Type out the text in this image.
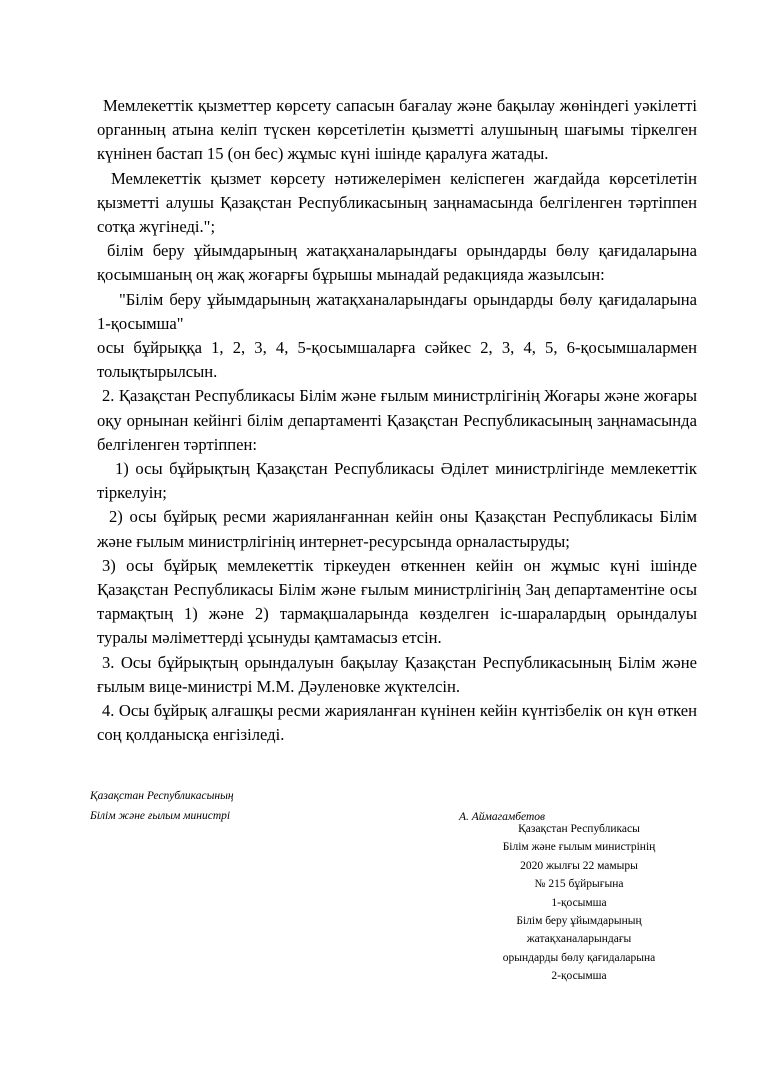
Мемлекеттік қызметтер көрсету сапасын бағалау және бақылау жөніндегі уәкілетті органның атына келіп түскен көрсетілетін қызметті алушының шағымы тіркелген күнінен бастап 15 (он бес) жұмыс күні ішінде қаралуға жатады.

Мемлекеттік қызмет көрсету нәтижелерімен келіспеген жағдайда көрсетілетін қызметті алушы Қазақстан Республикасының заңнамасында белгіленген тәртіппен сотқа жүгінеді.";

білім беру ұйымдарының жатақханаларындағы орындарды бөлу қағидаларына қосымшаның оң жақ жоғарғы бұрышы мынадай редакцияда жазылсын:

"Білім беру ұйымдарының жатақханаларындағы орындарды бөлу қағидаларына 1-қосымша"

осы бұйрыққа 1, 2, 3, 4, 5-қосымшаларға сәйкес 2, 3, 4, 5, 6-қосымшалармен толықтырылсын.

2. Қазақстан Республикасы Білім және ғылым министрлігінің Жоғары және жоғары оқу орнынан кейінгі білім департаменті Қазақстан Республикасының заңнамасында белгіленген тәртіппен:

1) осы бұйрықтың Қазақстан Республикасы Әділет министрлігінде мемлекеттік тіркелуін;

2) осы бұйрық ресми жарияланғаннан кейін оны Қазақстан Республикасы Білім және ғылым министрлігінің интернет-ресурсында орналастыруды;

3) осы бұйрық мемлекеттік тіркеуден өткеннен кейін он жұмыс күні ішінде Қазақстан Республикасы Білім және ғылым министрлігінің Заң департаментіне осы тармақтың 1) және 2) тармақшаларында көзделген іс-шаралардың орындалуы туралы мәліметтерді ұсынуды қамтамасыз етсін.

3. Осы бұйрықтың орындалуын бақылау Қазақстан Республикасының Білім және ғылым вице-министрі М.М. Дәуленовке жүктелсін.

4. Осы бұйрық алғашқы ресми жарияланған күнінен кейін күнтізбелік он күн өткен соң қолданысқа енгізіледі.

Қазақстан Республикасының
Білім және ғылым министрі	А. Аймагамбетов
Қазақстан Республикасы
Білім және ғылым министрінің
2020 жылғы 22 мамыры
№ 215 бұйрығына
1-қосымша
Білім беру ұйымдарының
жатақханаларындағы
орындарды бөлу қағидаларына
2-қосымша
